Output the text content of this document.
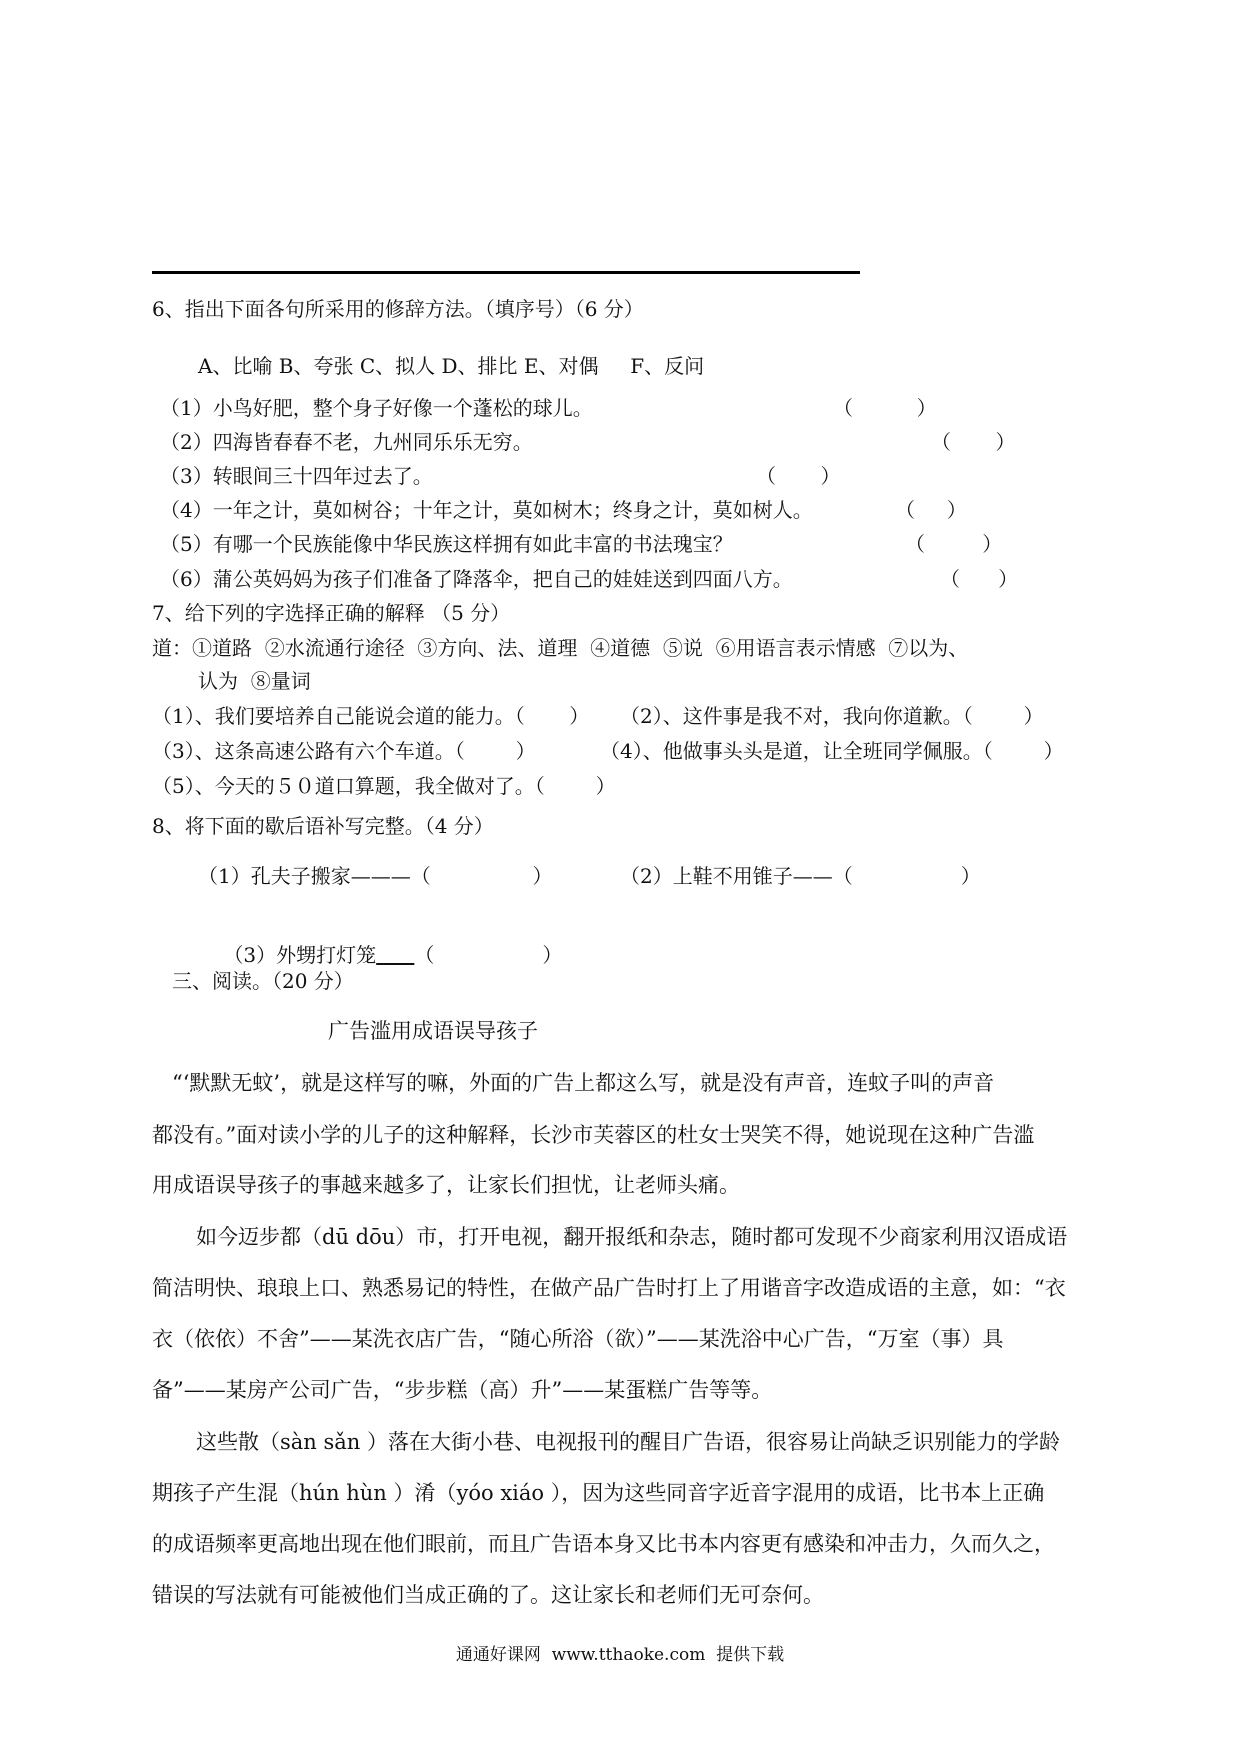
6、指出下面各句所采用的修辞方法。（填序号）（6 分）
A、比喻 B、夸张 C、拟人 D、排比 E、对偶     F、反问
（1）小鸟好肥，整个身子好像一个蓬松的球儿。	（          ）
（2）四海皆春春不老，九州同乐乐无穷。	（       ）
（3）转眼间三十四年过去了。	（       ）
（4）一年之计，莫如树谷；十年之计，莫如树木；终身之计，莫如树人。	（     ）
（5）有哪一个民族能像中华民族这样拥有如此丰富的书法瑰宝？	（         ）
（6）蒲公英妈妈为孩子们准备了降落伞，把自己的娃娃送到四面八方。	（      ）
7、给下列的字选择正确的解释 （5 分）
道：①道路  ②水流通行途径  ③方向、法、道理  ④道德  ⑤说  ⑥用语言表示情感  ⑦以为、
认为  ⑧量词
（1）、我们要培养自己能说会道的能力。（       ） （2）、这件事是我不对，我向你道歉。（        ）
（3）、这条高速公路有六个车道。（        ）	（4）、他做事头头是道，让全班同学佩服。（        ）
（5）、今天的５０道口算题，我全做对了。（        ）
8、将下面的歇后语补写完整。（4 分）
（1）孔夫子搬家———（                ）	（2）上鞋不用锥子——（                 ）

（3）外甥打灯笼 （                 ）

三、阅读。（20 分）
广告滥用成语误导孩子
“‘默默无蚊’，就是这样写的嘛，外面的广告上都这么写，就是没有声音，连蚊子叫的声音
都没有。”面对读小学的儿子的这种解释，长沙市芙蓉区的杜女士哭笑不得，她说现在这种广告滥
用成语误导孩子的事越来越多了，让家长们担忧，让老师头痛。
如今迈步都（dū dōu）市，打开电视，翻开报纸和杂志，随时都可发现不少商家利用汉语成语
简洁明快、琅琅上口、熟悉易记的特性，在做产品广告时打上了用谐音字改造成语的主意，如：“衣
衣（依依）不舍”——某洗衣店广告，“随心所浴（欲）”——某洗浴中心广告，“万室（事）具
备”——某房产公司广告，“步步糕（高）升”——某蛋糕广告等等。
这些散（sàn sǎn ）落在大街小巷、电视报刊的醒目广告语，很容易让尚缺乏识别能力的学龄
期孩子产生混（hún hùn ）淆（yóo xiáo ），因为这些同音字近音字混用的成语，比书本上正确
的成语频率更高地出现在他们眼前，而且广告语本身又比书本内容更有感染和冲击力，久而久之，
错误的写法就有可能被他们当成正确的了。这让家长和老师们无可奈何。
通通好课网  www.tthaoke.com  提供下载
